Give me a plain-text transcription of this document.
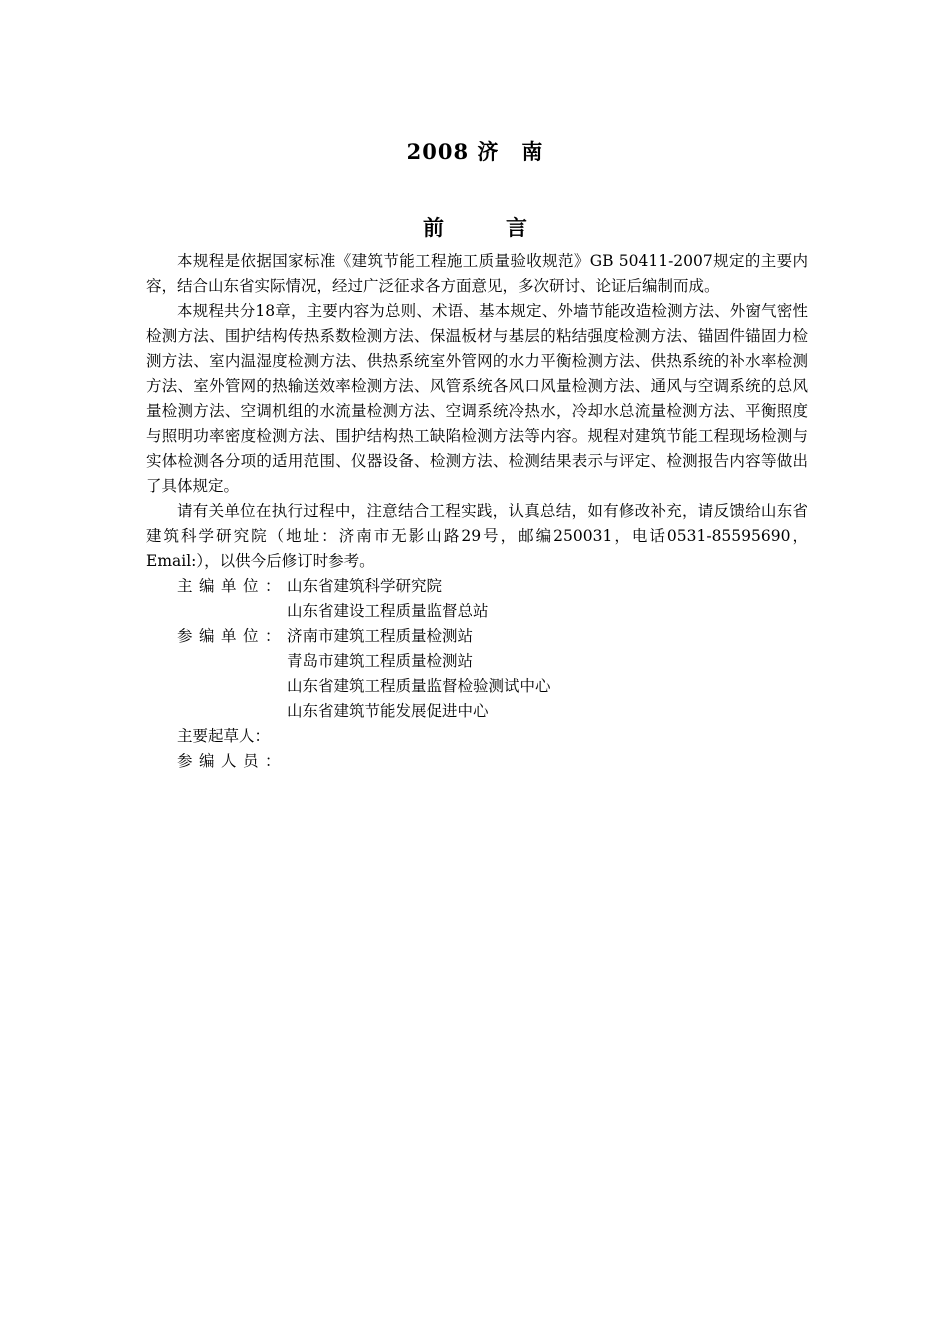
2008 济　南
前言

本规程是依据国家标准《建筑节能工程施工质量验收规范》GB 50411-2007规定的主要内容，结合山东省实际情况，经过广泛征求各方面意见，多次研讨、论证后编制而成。

本规程共分18章，主要内容为总则、术语、基本规定、外墙节能改造检测方法、外窗气密性检测方法、围护结构传热系数检测方法、保温板材与基层的粘结强度检测方法、锚固件锚固力检测方法、室内温湿度检测方法、供热系统室外管网的水力平衡检测方法、供热系统的补水率检测方法、室外管网的热输送效率检测方法、风管系统各风口风量检测方法、通风与空调系统的总风量检测方法、空调机组的水流量检测方法、空调系统冷热水，冷却水总流量检测方法、平衡照度与照明功率密度检测方法、围护结构热工缺陷检测方法等内容。规程对建筑节能工程现场检测与实体检测各分项的适用范围、仪器设备、检测方法、检测结果表示与评定、检测报告内容等做出了具体规定。

请有关单位在执行过程中，注意结合工程实践，认真总结，如有修改补充，请反馈给山东省建筑科学研究院（地址：济南市无影山路29号，邮编250031，电话0531-85595690，Email:），以供今后修订时参考。

主编单位： 山东省建筑科学研究院
山东省建设工程质量监督总站
参编单位： 济南市建筑工程质量检测站
青岛市建筑工程质量检测站
山东省建筑工程质量监督检验测试中心
山东省建筑节能发展促进中心
主要起草人：
参编人员：
